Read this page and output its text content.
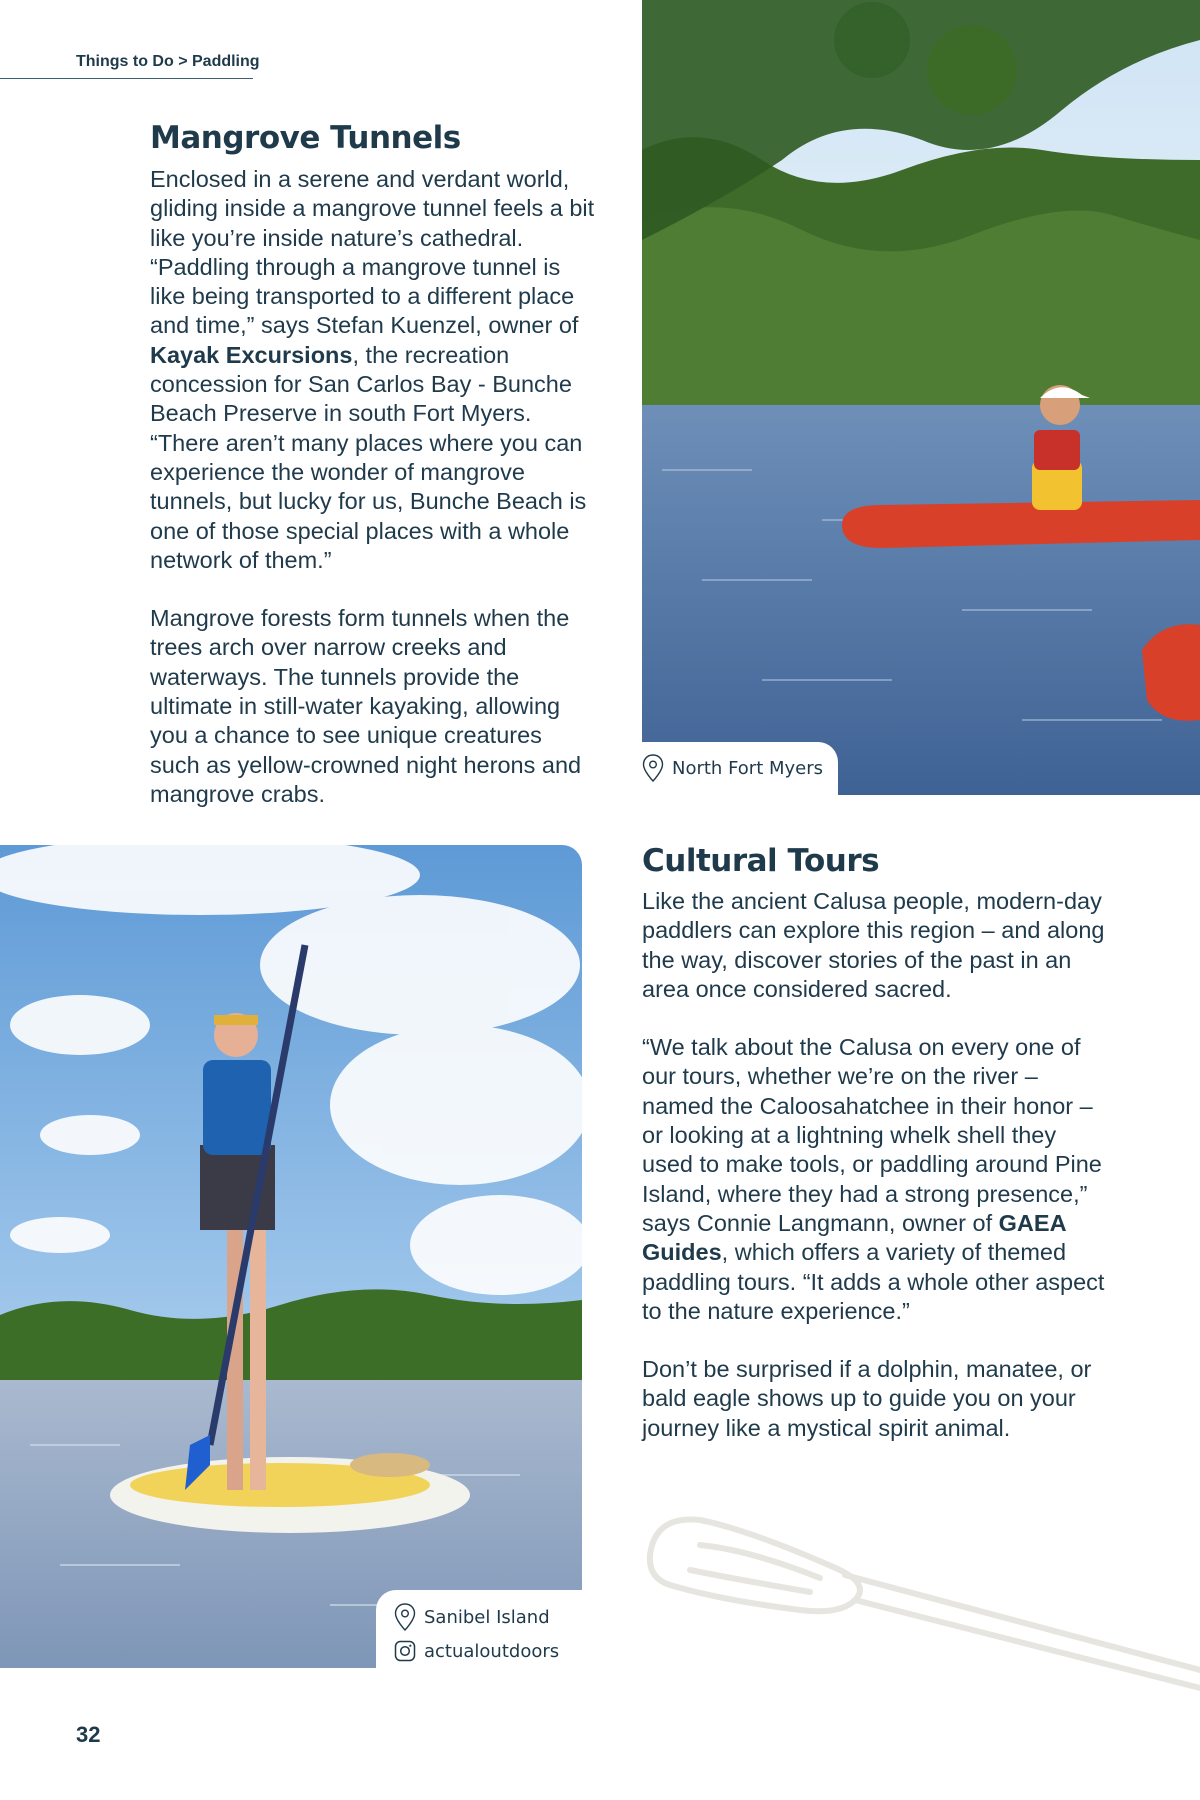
Things to Do > Paddling
Mangrove Tunnels

Enclosed in a serene and verdant world, gliding inside a mangrove tunnel feels a bit like you’re inside nature’s cathedral. “Paddling through a mangrove tunnel is like being transported to a different place and time,” says Stefan Kuenzel, owner of Kayak Excursions, the recreation concession for San Carlos Bay - Bunche Beach Preserve in south Fort Myers. “There aren’t many places where you can experience the wonder of mangrove tunnels, but lucky for us, Bunche Beach is one of those special places with a whole network of them.”

Mangrove forests form tunnels when the trees arch over narrow creeks and waterways. The tunnels provide the ultimate in still-water kayaking, allowing you a chance to see unique creatures such as yellow-crowned night herons and mangrove crabs.

North Fort Myers
Sanibel Island
actualoutdoors
Cultural Tours

Like the ancient Calusa people, modern-day paddlers can explore this region – and along the way, discover stories of the past in an area once considered sacred.

“We talk about the Calusa on every one of our tours, whether we’re on the river – named the Caloosahatchee in their honor – or looking at a lightning whelk shell they used to make tools, or paddling around Pine Island, where they had a strong presence,” says Connie Langmann, owner of GAEA Guides, which offers a variety of themed paddling tours. “It adds a whole other aspect to the nature experience.”

Don’t be surprised if a dolphin, manatee, or bald eagle shows up to guide you on your journey like a mystical spirit animal.

32
